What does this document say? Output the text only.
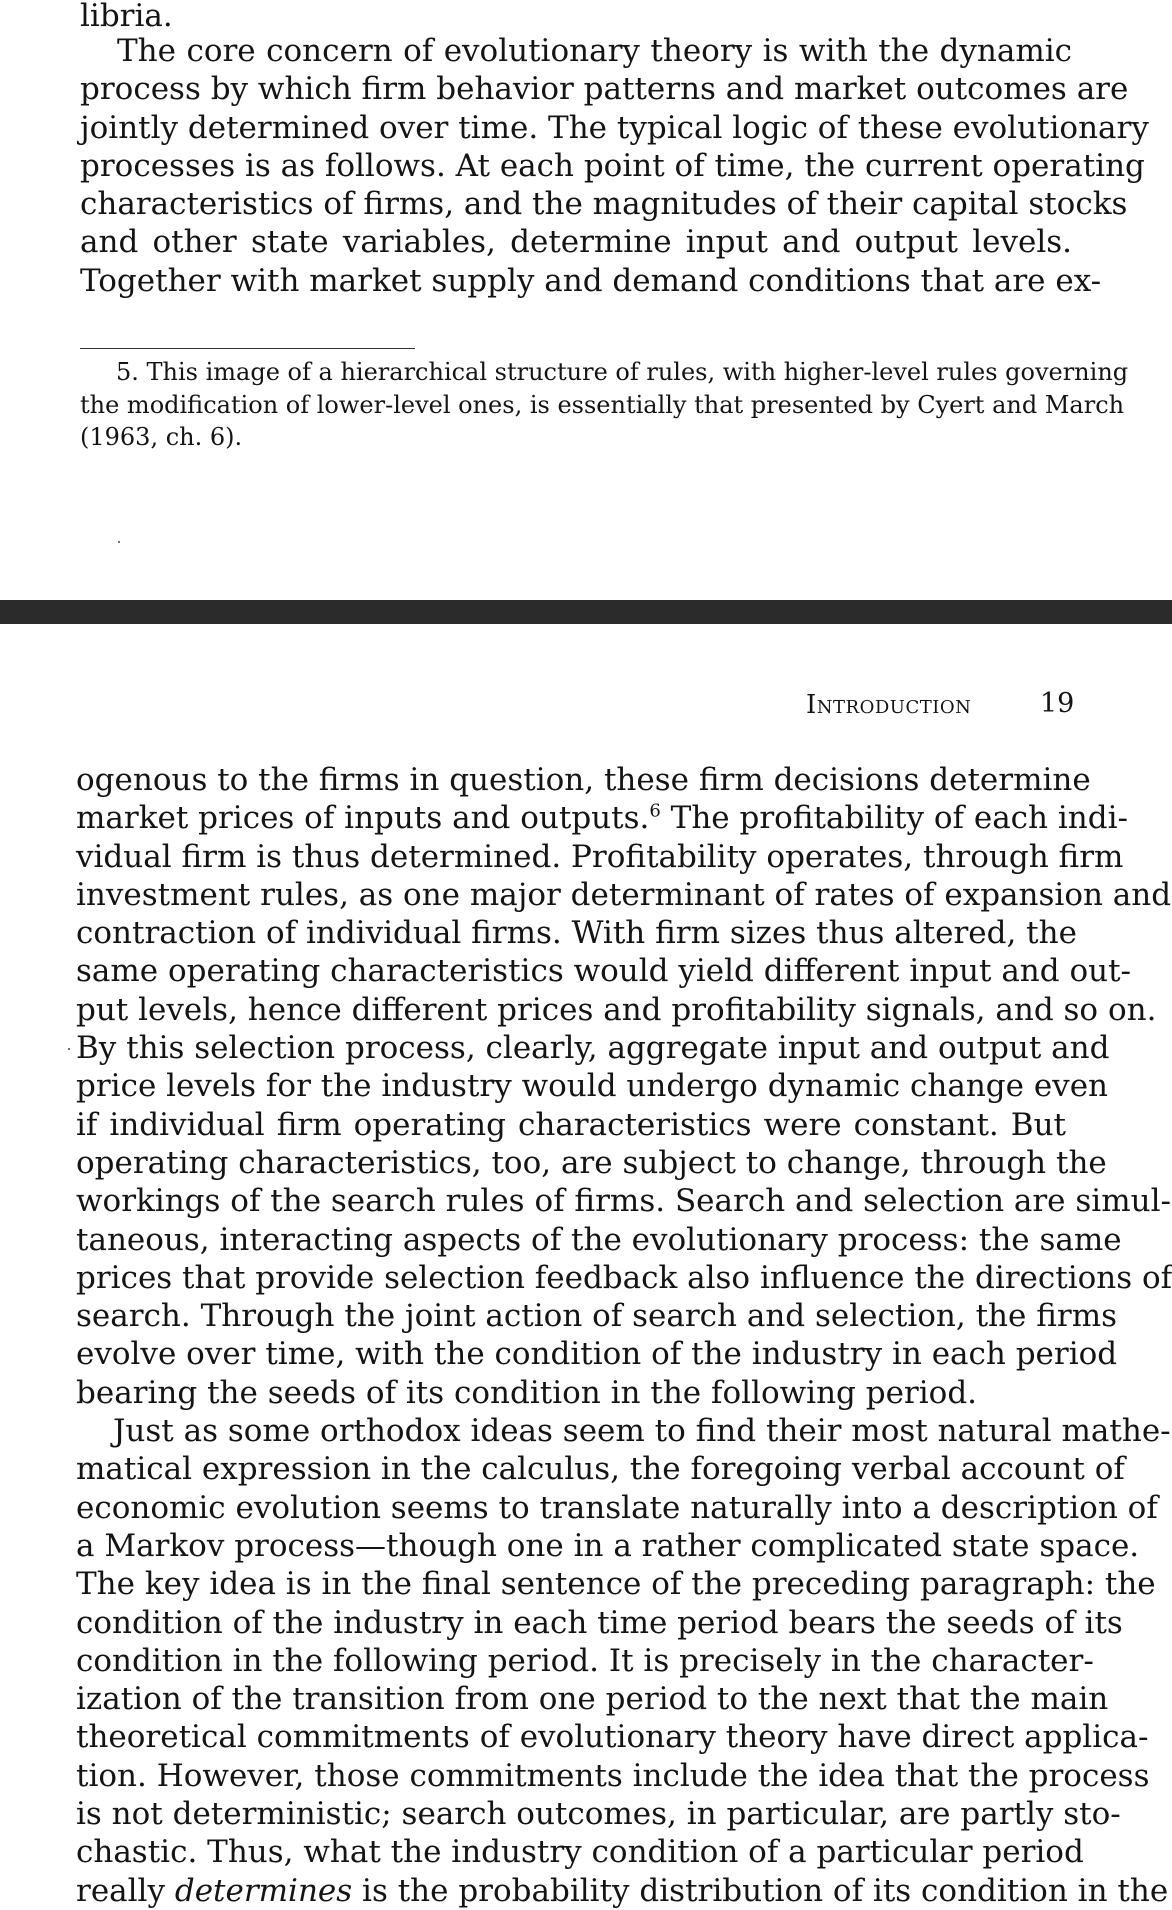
libria.
The core concern of evolutionary theory is with the dynamic
process by which firm behavior patterns and market outcomes are
jointly determined over time. The typical logic of these evolutionary
processes is as follows. At each point of time, the current operating
characteristics of firms, and the magnitudes of their capital stocks
and other state variables, determine input and output levels.
Together with market supply and demand conditions that are ex-
5. This image of a hierarchical structure of rules, with higher-level rules governing
the modification of lower-level ones, is essentially that presented by Cyert and March
(1963, ch. 6).
Introduction	19
ogenous to the firms in question, these firm decisions determine
market prices of inputs and outputs.$^6$ The profitability of each indi-
vidual firm is thus determined. Profitability operates, through firm
investment rules, as one major determinant of rates of expansion and
contraction of individual firms. With firm sizes thus altered, the
same operating characteristics would yield different input and out-
put levels, hence different prices and profitability signals, and so on.
By this selection process, clearly, aggregate input and output and
price levels for the industry would undergo dynamic change even
if individual firm operating characteristics were constant. But
operating characteristics, too, are subject to change, through the
workings of the search rules of firms. Search and selection are simul-
taneous, interacting aspects of the evolutionary process: the same
prices that provide selection feedback also influence the directions of
search. Through the joint action of search and selection, the firms
evolve over time, with the condition of the industry in each period
bearing the seeds of its condition in the following period.
Just as some orthodox ideas seem to find their most natural mathe-
matical expression in the calculus, the foregoing verbal account of
economic evolution seems to translate naturally into a description of
a Markov process—though one in a rather complicated state space.
The key idea is in the final sentence of the preceding paragraph: the
condition of the industry in each time period bears the seeds of its
condition in the following period. It is precisely in the character-
ization of the transition from one period to the next that the main
theoretical commitments of evolutionary theory have direct applica-
tion. However, those commitments include the idea that the process
is not deterministic; search outcomes, in particular, are partly sto-
chastic. Thus, what the industry condition of a particular period
really determines is the probability distribution of its condition in the
